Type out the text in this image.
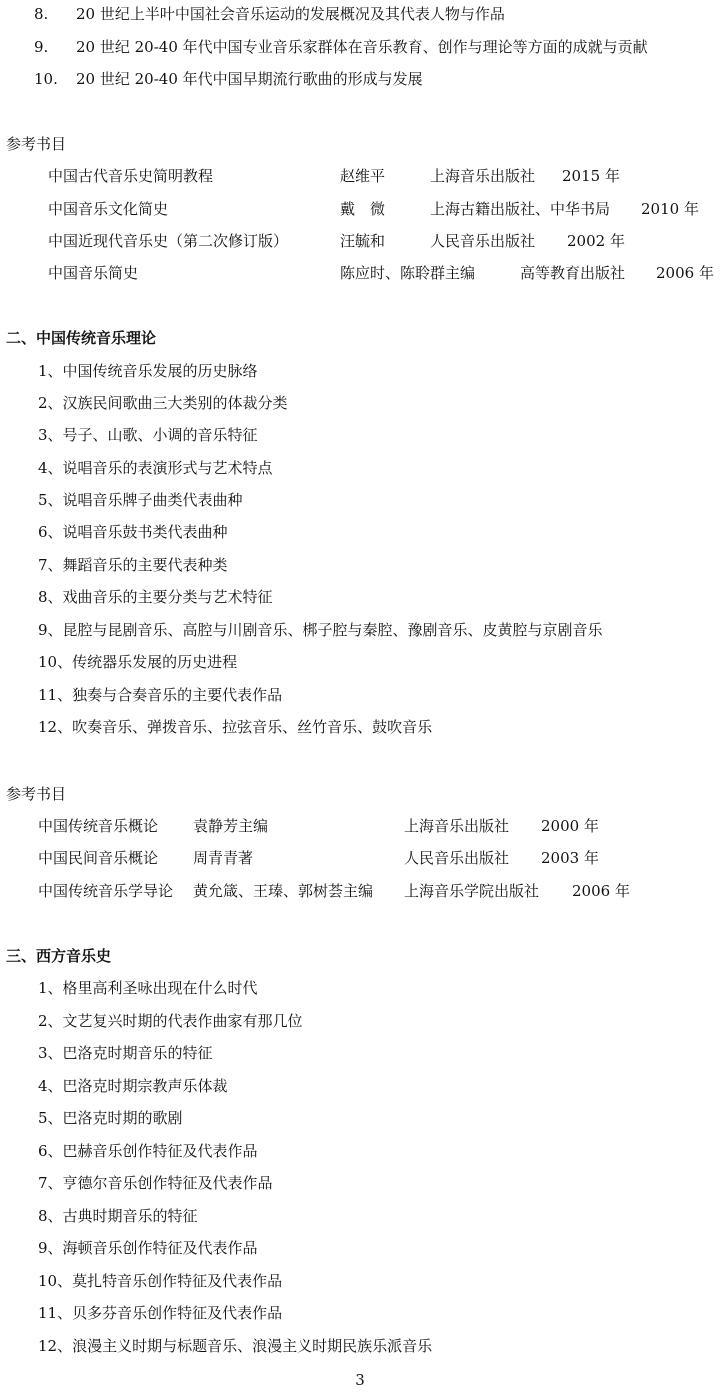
8. 20 世纪上半叶中国社会音乐运动的发展概况及其代表人物与作品
9. 20 世纪 20-40 年代中国专业音乐家群体在音乐教育、创作与理论等方面的成就与贡献
10. 20 世纪 20-40 年代中国早期流行歌曲的形成与发展
参考书目
中国古代音乐史简明教程	赵维平	上海音乐出版社 2015 年
中国音乐文化简史	戴　微	上海古籍出版社、中华书局 2010 年
中国近现代音乐史（第二次修订版）	汪毓和	人民音乐出版社 2002 年
中国音乐简史	陈应时、陈聆群主编	高等教育出版社 2006 年
二、中国传统音乐理论
1、中国传统音乐发展的历史脉络
2、汉族民间歌曲三大类别的体裁分类
3、号子、山歌、小调的音乐特征
4、说唱音乐的表演形式与艺术特点
5、说唱音乐牌子曲类代表曲种
6、说唱音乐鼓书类代表曲种
7、舞蹈音乐的主要代表种类
8、戏曲音乐的主要分类与艺术特征
9、昆腔与昆剧音乐、高腔与川剧音乐、梆子腔与秦腔、豫剧音乐、皮黄腔与京剧音乐
10、传统器乐发展的历史进程
11、独奏与合奏音乐的主要代表作品
12、吹奏音乐、弹拨音乐、拉弦音乐、丝竹音乐、鼓吹音乐
参考书目
中国传统音乐概论 袁静芳主编	上海音乐出版社 2000 年
中国民间音乐概论 周青青著	人民音乐出版社 2003 年
中国传统音乐学导论 黄允箴、王瑧、郭树荟主编 上海音乐学院出版社 2006 年
三、西方音乐史
1、格里高利圣咏出现在什么时代
2、文艺复兴时期的代表作曲家有那几位
3、巴洛克时期音乐的特征
4、巴洛克时期宗教声乐体裁
5、巴洛克时期的歌剧
6、巴赫音乐创作特征及代表作品
7、亨德尔音乐创作特征及代表作品
8、古典时期音乐的特征
9、海顿音乐创作特征及代表作品
10、莫扎特音乐创作特征及代表作品
11、贝多芬音乐创作特征及代表作品
12、浪漫主义时期与标题音乐、浪漫主义时期民族乐派音乐
3
